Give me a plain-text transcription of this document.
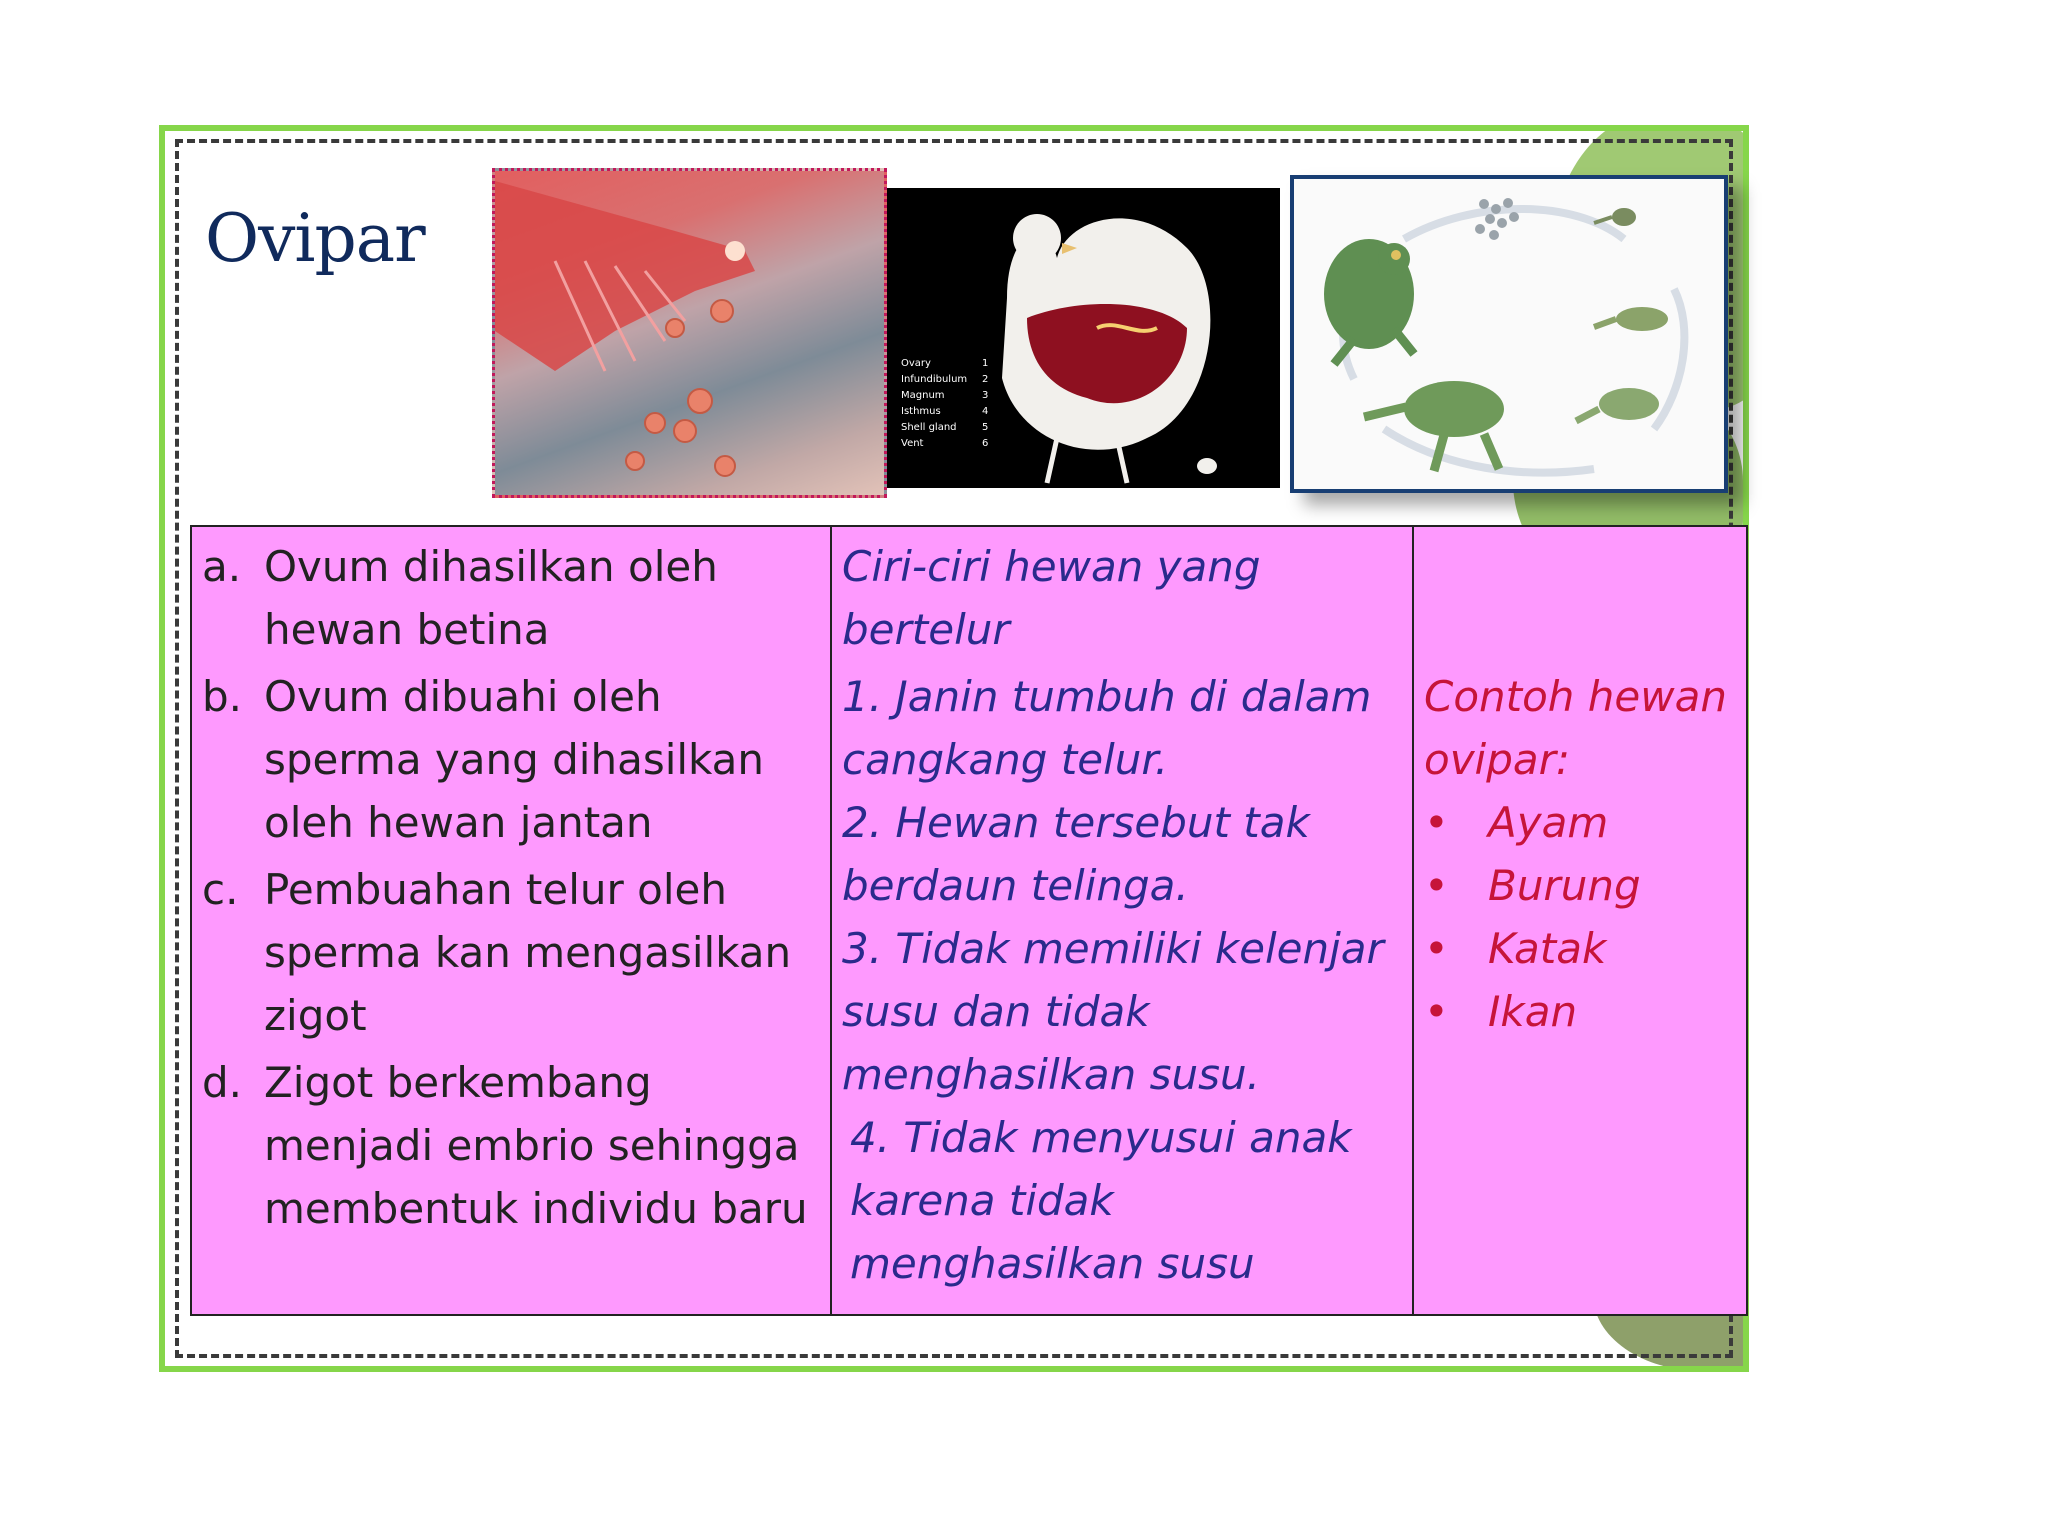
Ovipar
Ovary
Infundibulum
Magnum
Isthmus
Shell gland
Vent
1
2
3
4
5
6
a. Ovum dihasilkan oleh hewan betina
b. Ovum dibuahi oleh sperma yang dihasilkan oleh hewan jantan
c. Pembuahan telur oleh sperma kan mengasilkan zigot
d. Zigot berkembang menjadi embrio sehingga membentuk individu baru
Ciri-ciri hewan yang bertelur
1. Janin tumbuh di dalam cangkang telur.
2. Hewan tersebut tak berdaun telinga.
3. Tidak memiliki kelenjar susu dan tidak menghasilkan susu.
4. Tidak menyusui anak karena tidak menghasilkan susu
Contoh hewan ovipar:
• Ayam
• Burung
• Katak
• Ikan
